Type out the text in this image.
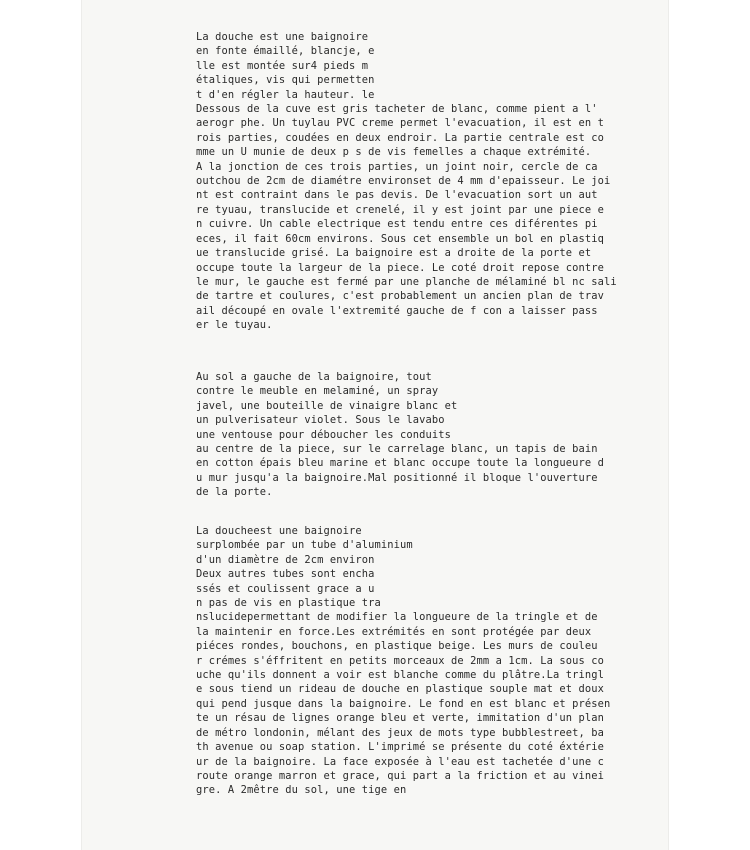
La douche est une baignoire
en fonte émaillé, blancje, e
lle est montée sur4 pieds m
étaliques, vis qui permetten
t d'en régler la hauteur. le
Dessous de la cuve est gris tacheter de blanc, comme pient a l'
aerogr phe. Un tuylau PVC creme permet l'evacuation, il est en t
rois parties, coudées en deux endroir. La partie centrale est co
mme un U munie de deux p s de vis femelles a chaque extrémité.
A la jonction de ces trois parties, un joint noir, cercle de ca
outchou de 2cm de diamétre environset de 4 mm d'epaisseur. Le joi
nt est contraint dans le pas devis. De l'evacuation sort un aut
re tyuau, translucide et crenelé, il y est joint par une piece e
n cuivre. Un cable electrique est tendu entre ces diférentes pi
eces, il fait 60cm environs. Sous cet ensemble un bol en plastiq
ue translucide grisé. La baignoire est a droite de la porte et
occupe toute la largeur de la piece. Le coté droit repose contre
le mur, le gauche est fermé par une planche de mélaminé bl nc sali
de tartre et coulures, c'est probablement un ancien plan de trav
ail découpé en ovale l'extremité gauche de f con a laisser pass
er le tuyau.
Au sol a gauche de la baignoire, tout
contre le meuble en melaminé, un spray
javel, une bouteille de vinaigre blanc et
un pulverisateur violet. Sous le lavabo
une ventouse pour déboucher les conduits
au centre de la piece, sur le carrelage blanc, un tapis de bain
en cotton épais bleu marine et blanc occupe toute la longueure d
u mur jusqu'a la baignoire.Mal positionné il bloque l'ouverture
de la porte.
La doucheest une baignoire
surplombée par un tube d'aluminium
d'un diamètre de 2cm environ
Deux autres tubes sont encha
ssés et coulissent grace a u
n pas de vis en plastique tra
nslucidepermettant de modifier la longueure de la tringle et de
la maintenir en force.Les extrémités en sont protégée par deux
piéces rondes, bouchons, en plastique beige. Les murs de couleu
r crémes s'éffritent en petits morceaux de 2mm a 1cm. La sous co
uche qu'ils donnent a voir est blanche comme du plâtre.La tringl
e sous tiend un rideau de douche en plastique souple mat et doux
qui pend jusque dans la baignoire. Le fond en est blanc et présen
te un résau de lignes orange bleu et verte, immitation d'un plan
de métro londonin, mélant des jeux de mots type bubblestreet, ba
th avenue ou soap station. L'imprimé se présente du coté éxtérie
ur de la baignoire. La face exposée à l'eau est tachetée d'une c
route orange marron et grace, qui part a la friction et au vinei
gre. A 2mêtre du sol, une tige en
